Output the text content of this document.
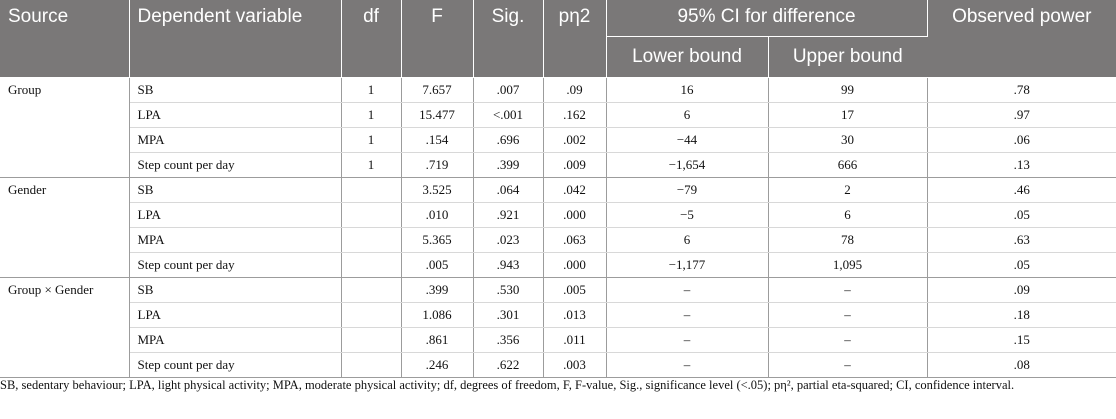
Source	Dependent variable	df	F	Sig.	pη2	95% CI for difference		Observed power
						Lower bound	Upper bound	
Group	SB	1	7.657	.007	.09	16	99	.78
	LPA	1	15.477	<.001	.162	6	17	.97
	MPA	1	.154	.696	.002	−44	30	.06
	Step count per day	1	.719	.399	.009	−1,654	666	.13
Gender	SB		3.525	.064	.042	−79	2	.46
	LPA		.010	.921	.000	−5	6	.05
	MPA		5.365	.023	.063	6	78	.63
	Step count per day		.005	.943	.000	−1,177	1,095	.05
Group × Gender	SB		.399	.530	.005	–	–	.09
	LPA		1.086	.301	.013	–	–	.18
	MPA		.861	.356	.011	–	–	.15
	Step count per day		.246	.622	.003	–	–	.08
SB, sedentary behaviour; LPA, light physical activity; MPA, moderate physical activity; df, degrees of freedom, F, F-value, Sig., significance level (<.05); pη², partial eta-squared; CI, confidence interval.
